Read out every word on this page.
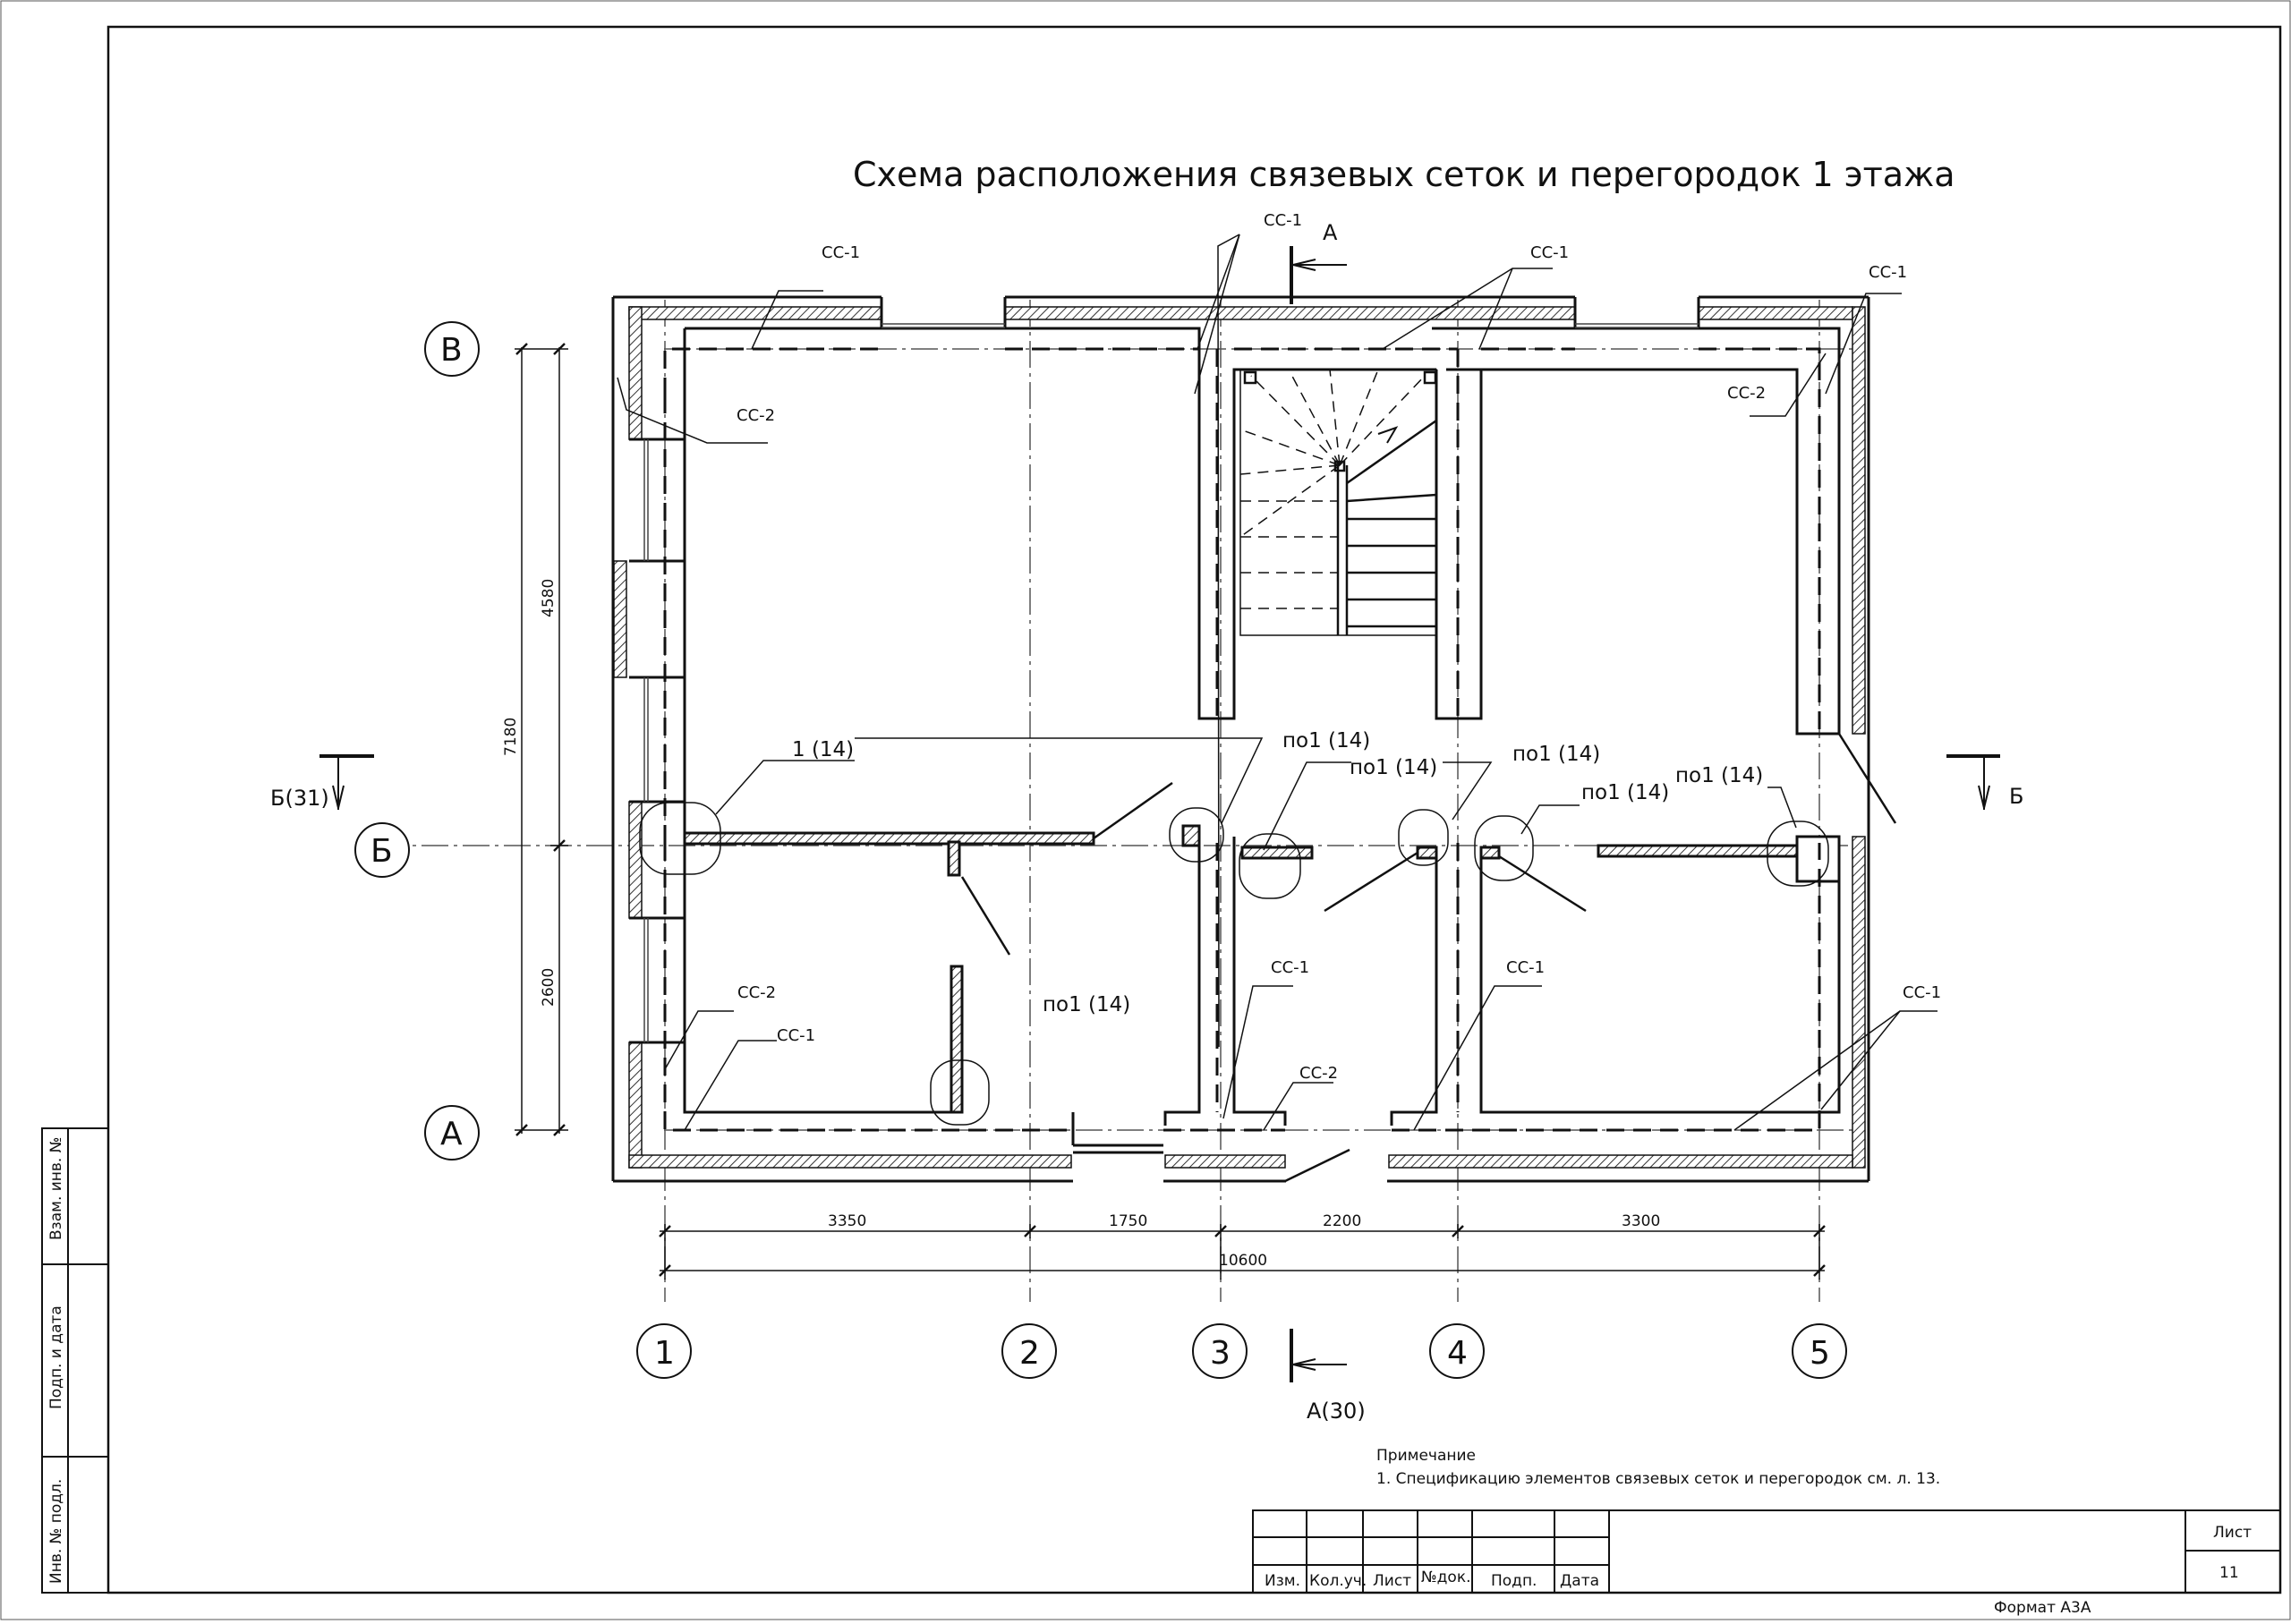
Взам. инв. №
Подп. и дата
Инв. № подл.
Схема расположения связевых сеток и перегородок 1 этажа
СС-1
СС-1
СС-1
СС-1
СС-2
СС-2
СС-1	СС-1
СС-2
СС-2
СС-1
СС-1
1 (14)	по1 (14)
по1 (14)
по1 (14)
по1 (14)
по1 (14)
по1 (14)
7180
4580
2600
3350	1750	2200	3300
10600
1	2	3	4	5
В
Б
А
А
А(30)
Б(31)	Б
Примечание
1. Спецификацию элементов связевых сеток и перегородок см. л. 13.
Изм. Кол.уч. Лист №док. Подп. Дата
Лист
11
Формат А3А
